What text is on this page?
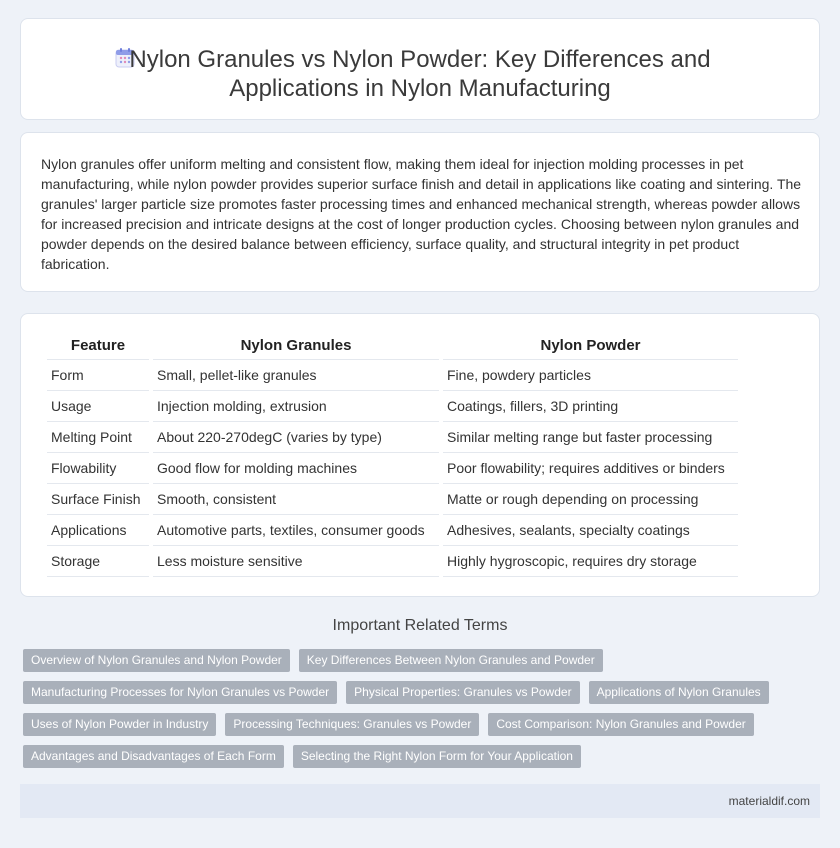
Nylon Granules vs Nylon Powder: Key Differences and
Applications in Nylon Manufacturing

Nylon granules offer uniform melting and consistent flow, making them ideal for injection molding processes in pet manufacturing, while nylon powder provides superior surface finish and detail in applications like coating and sintering. The granules' larger particle size promotes faster processing times and enhanced mechanical strength, whereas powder allows for increased precision and intricate designs at the cost of longer production cycles. Choosing between nylon granules and powder depends on the desired balance between efficiency, surface quality, and structural integrity in pet product fabrication.

Feature	Nylon Granules	Nylon Powder
Form	Small, pellet-like granules	Fine, powdery particles
Usage	Injection molding, extrusion	Coatings, fillers, 3D printing
Melting Point	About 220-270degC (varies by type)	Similar melting range but faster processing
Flowability	Good flow for molding machines	Poor flowability; requires additives or binders
Surface Finish	Smooth, consistent	Matte or rough depending on processing
Applications	Automotive parts, textiles, consumer goods	Adhesives, sealants, specialty coatings
Storage	Less moisture sensitive	Highly hygroscopic, requires dry storage
Important Related Terms
Overview of Nylon Granules and Nylon Powder	Key Differences Between Nylon Granules and Powder
Manufacturing Processes for Nylon Granules vs Powder	Physical Properties: Granules vs Powder	Applications of Nylon Granules
Uses of Nylon Powder in Industry	Processing Techniques: Granules vs Powder	Cost Comparison: Nylon Granules and Powder
Advantages and Disadvantages of Each Form	Selecting the Right Nylon Form for Your Application
materialdif.com
